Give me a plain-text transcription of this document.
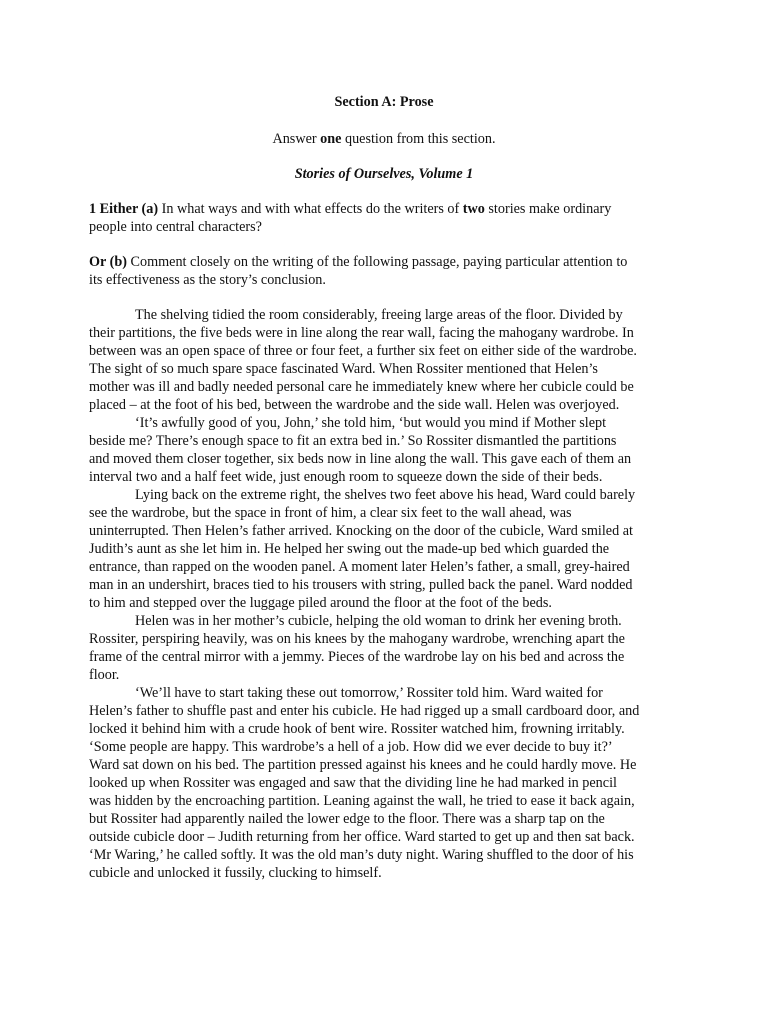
Section A: Prose
Answer one question from this section.
Stories of Ourselves, Volume 1
1 Either (a) In what ways and with what effects do the writers of two stories make ordinary
people into central characters?
Or (b) Comment closely on the writing of the following passage, paying particular attention to
its effectiveness as the story’s conclusion.
The shelving tidied the room considerably, freeing large areas of the floor. Divided by
their partitions, the five beds were in line along the rear wall, facing the mahogany wardrobe. In
between was an open space of three or four feet, a further six feet on either side of the wardrobe.
The sight of so much spare space fascinated Ward. When Rossiter mentioned that Helen’s
mother was ill and badly needed personal care he immediately knew where her cubicle could be
placed – at the foot of his bed, between the wardrobe and the side wall. Helen was overjoyed.
‘It’s awfully good of you, John,’ she told him, ‘but would you mind if Mother slept
beside me? There’s enough space to fit an extra bed in.’ So Rossiter dismantled the partitions
and moved them closer together, six beds now in line along the wall. This gave each of them an
interval two and a half feet wide, just enough room to squeeze down the side of their beds.
Lying back on the extreme right, the shelves two feet above his head, Ward could barely
see the wardrobe, but the space in front of him, a clear six feet to the wall ahead, was
uninterrupted. Then Helen’s father arrived. Knocking on the door of the cubicle, Ward smiled at
Judith’s aunt as she let him in. He helped her swing out the made-up bed which guarded the
entrance, than rapped on the wooden panel. A moment later Helen’s father, a small, grey-haired
man in an undershirt, braces tied to his trousers with string, pulled back the panel. Ward nodded
to him and stepped over the luggage piled around the floor at the foot of the beds.
Helen was in her mother’s cubicle, helping the old woman to drink her evening broth.
Rossiter, perspiring heavily, was on his knees by the mahogany wardrobe, wrenching apart the
frame of the central mirror with a jemmy. Pieces of the wardrobe lay on his bed and across the
floor.
‘We’ll have to start taking these out tomorrow,’ Rossiter told him. Ward waited for
Helen’s father to shuffle past and enter his cubicle. He had rigged up a small cardboard door, and
locked it behind him with a crude hook of bent wire. Rossiter watched him, frowning irritably.
‘Some people are happy. This wardrobe’s a hell of a job. How did we ever decide to buy it?’
Ward sat down on his bed. The partition pressed against his knees and he could hardly move. He
looked up when Rossiter was engaged and saw that the dividing line he had marked in pencil
was hidden by the encroaching partition. Leaning against the wall, he tried to ease it back again,
but Rossiter had apparently nailed the lower edge to the floor. There was a sharp tap on the
outside cubicle door – Judith returning from her office. Ward started to get up and then sat back.
‘Mr Waring,’ he called softly. It was the old man’s duty night. Waring shuffled to the door of his
cubicle and unlocked it fussily, clucking to himself.
